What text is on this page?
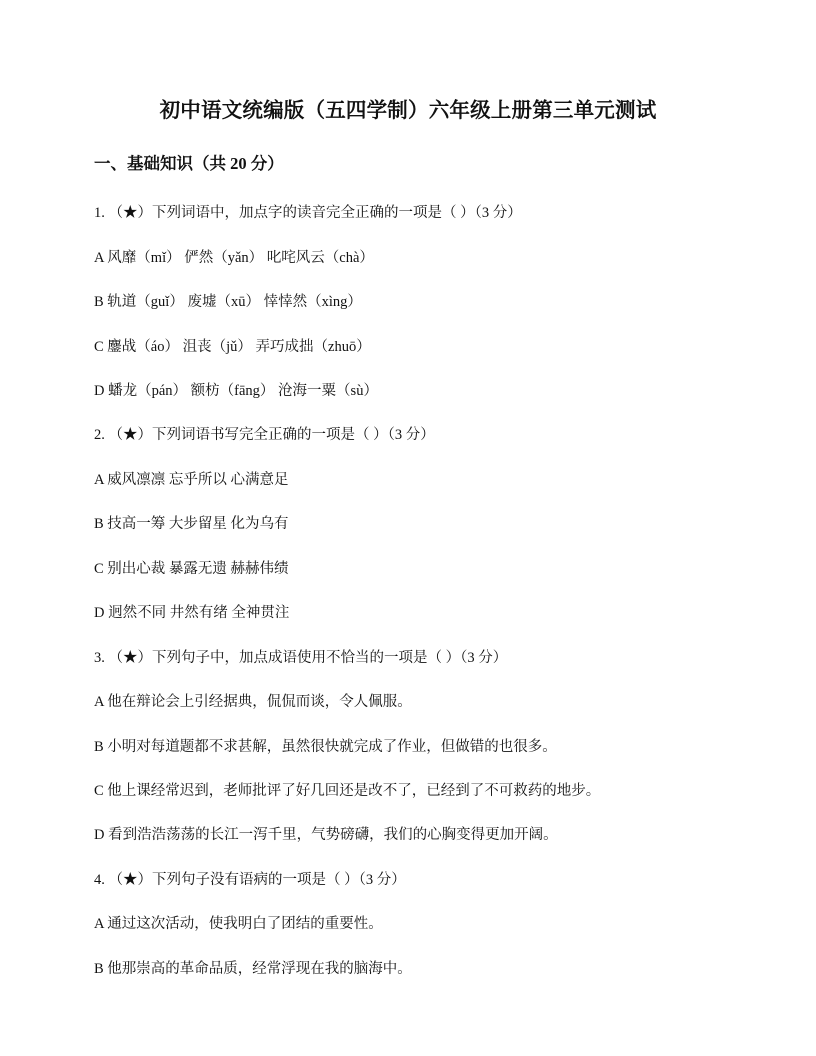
初中语文统编版（五四学制）六年级上册第三单元测试
一、基础知识（共 20 分）
1. （★）下列词语中，加点字的读音完全正确的一项是（ ）（3 分）
A 风靡（mǐ） 俨然（yǎn） 叱咤风云（chà）
B 轨道（guǐ） 废墟（xū） 悻悻然（xìng）
C 鏖战（áo） 沮丧（jǔ） 弄巧成拙（zhuō）
D 蟠龙（pán） 额枋（fāng） 沧海一粟（sù）
2. （★）下列词语书写完全正确的一项是（ ）（3 分）
A 威风凛凛 忘乎所以 心满意足
B 技高一筹 大步留星 化为乌有
C 别出心裁 暴露无遗 赫赫伟绩
D 迥然不同 井然有绪 全神贯注
3. （★）下列句子中，加点成语使用不恰当的一项是（ ）（3 分）
A 他在辩论会上引经据典，侃侃而谈，令人佩服。
B 小明对每道题都不求甚解，虽然很快就完成了作业，但做错的也很多。
C 他上课经常迟到，老师批评了好几回还是改不了，已经到了不可救药的地步。
D 看到浩浩荡荡的长江一泻千里，气势磅礴，我们的心胸变得更加开阔。
4. （★）下列句子没有语病的一项是（ ）（3 分）
A 通过这次活动，使我明白了团结的重要性。
B 他那崇高的革命品质，经常浮现在我的脑海中。
